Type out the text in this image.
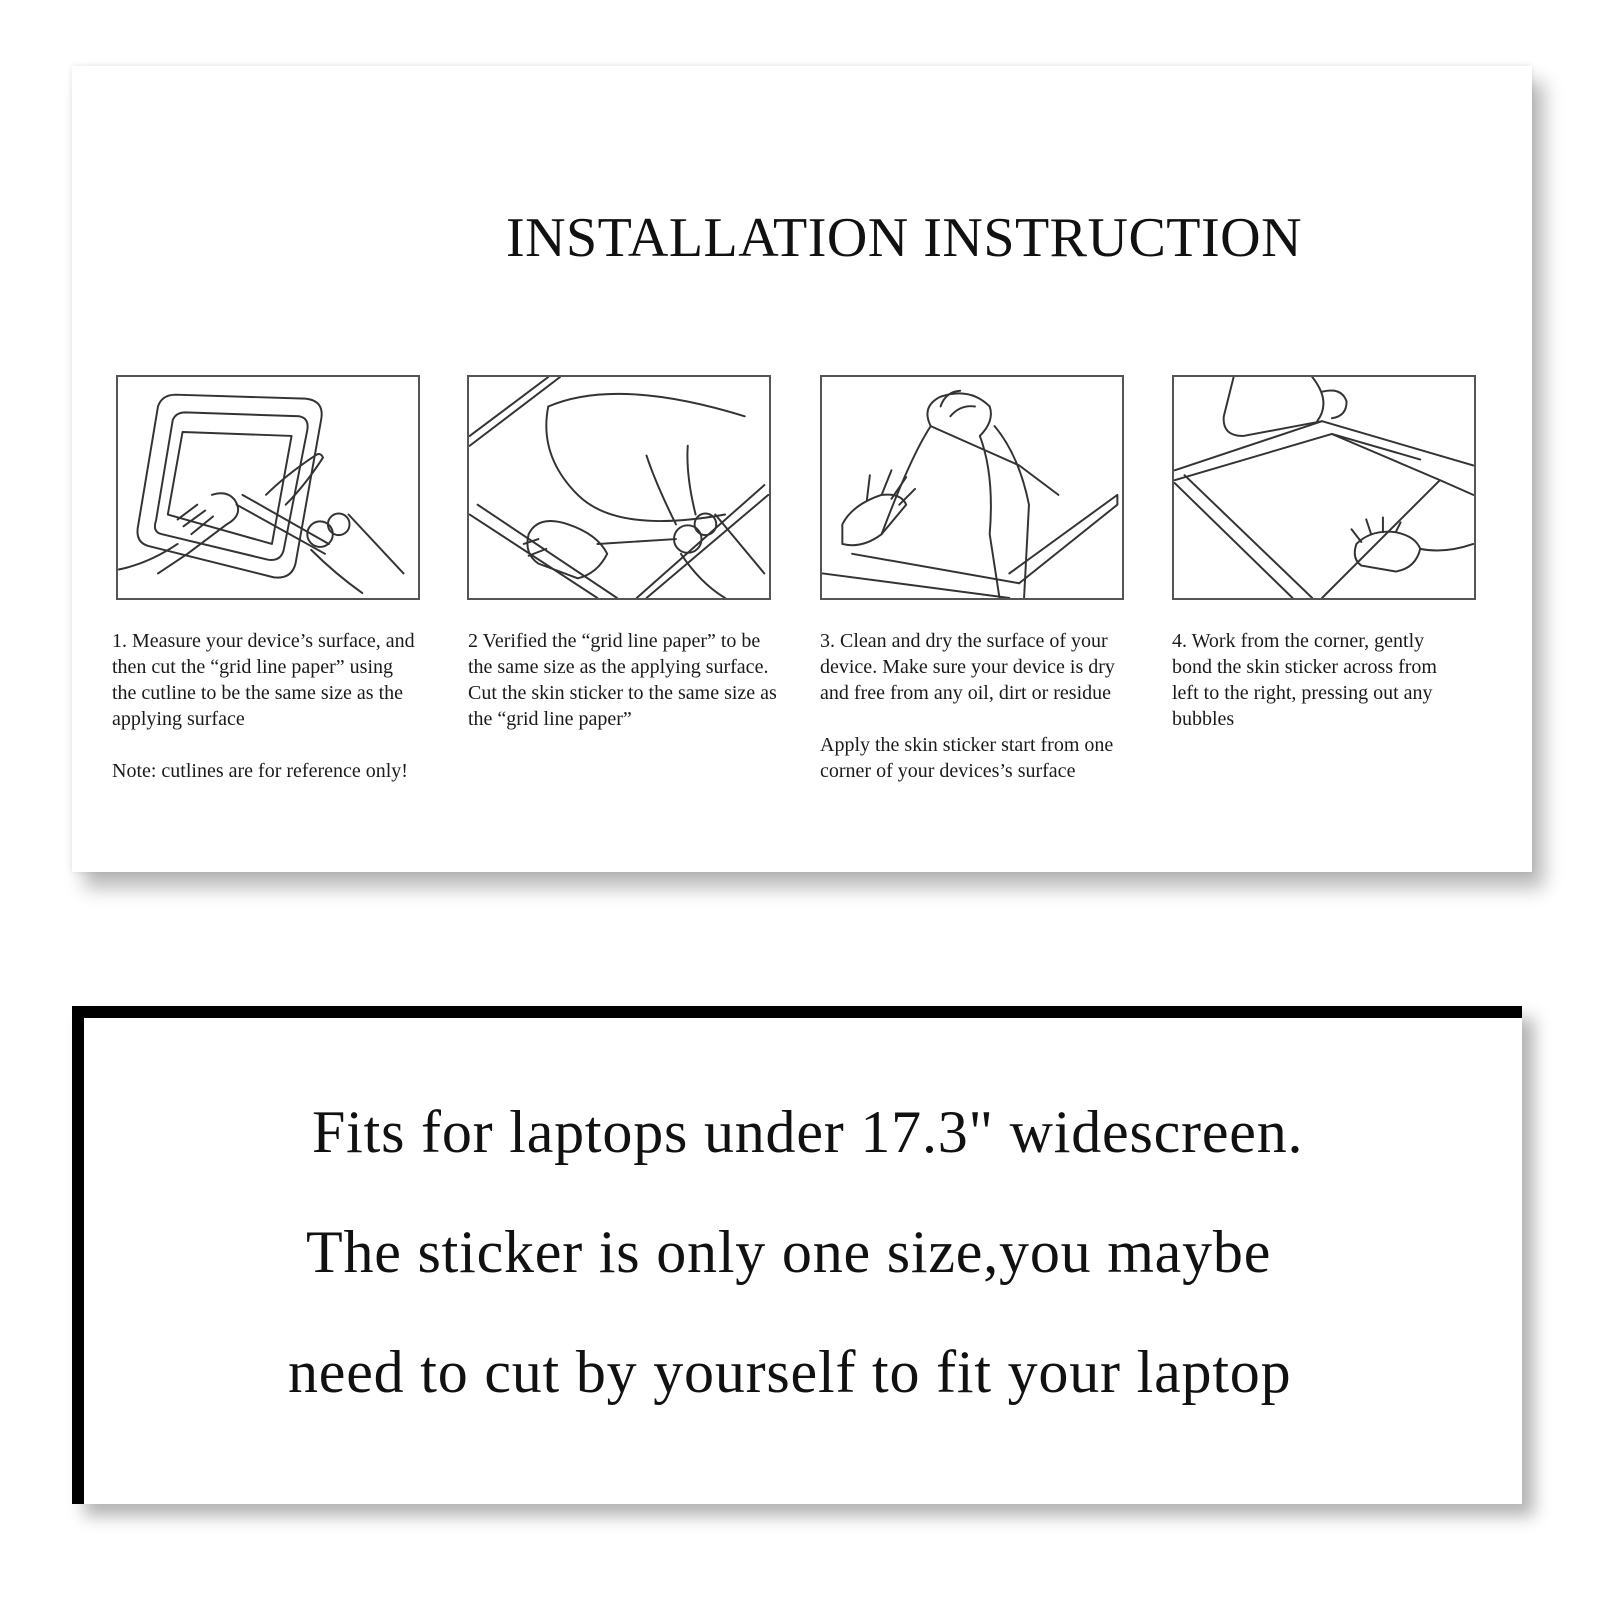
INSTALLATION INSTRUCTION

1. Measure your device’s surface, and then cut the “grid line paper” using the cutline to be the same size as the applying surface

Note: cutlines are for reference only!

2 Verified the “grid line paper” to be the same size as the applying surface. Cut the skin sticker to the same size as the “grid line paper”

3. Clean and dry the surface of your device. Make sure your device is dry and free from any oil, dirt or residue

Apply the skin sticker start from one corner of your devices’s surface

4. Work from the corner, gently bond the skin sticker across from left to the right, pressing out any bubbles

Fits for laptops under 17.3" widescreen.

The sticker is only one size,you maybe

need to cut by yourself to fit your laptop
